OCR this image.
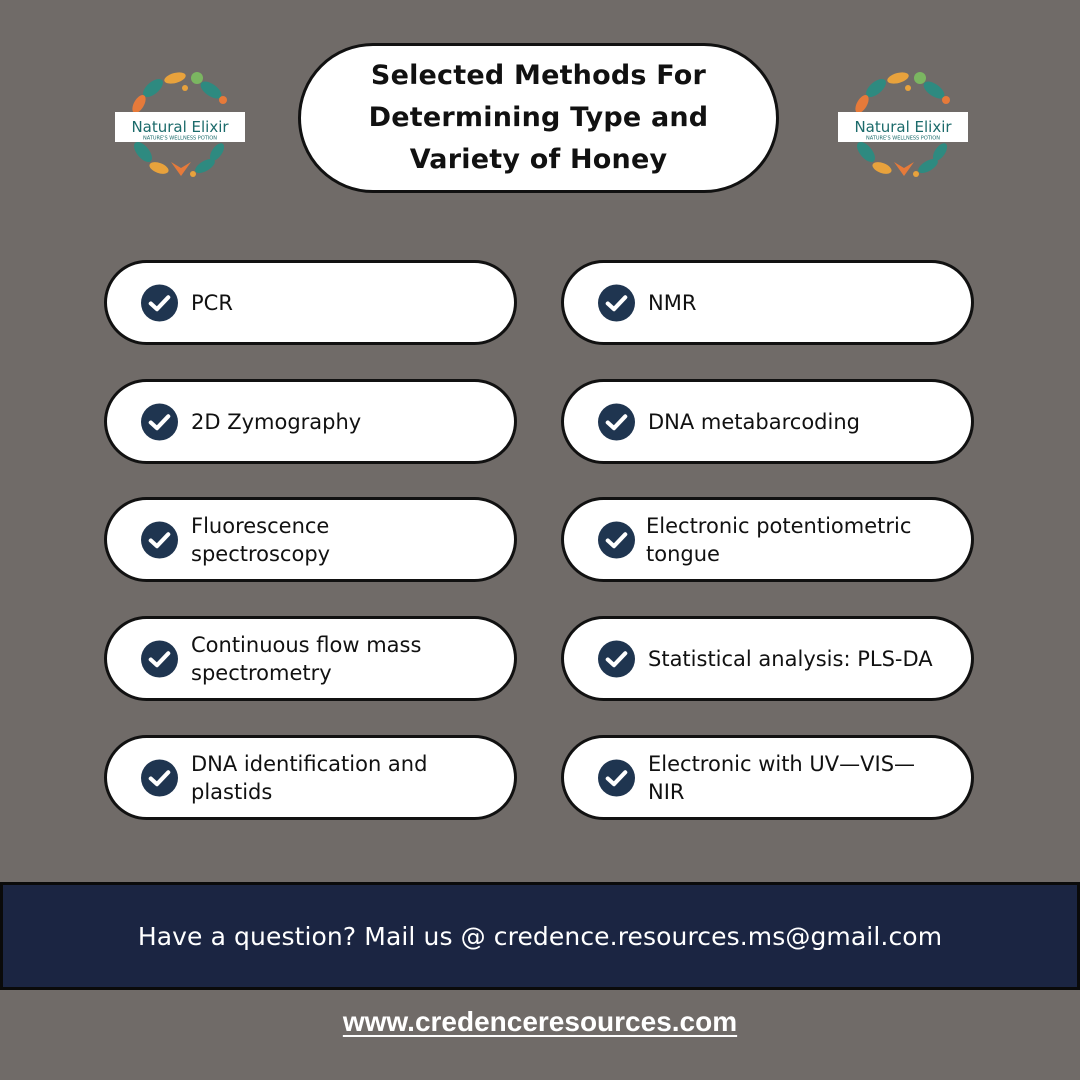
Natural Elixir
NATURE'S WELLNESS POTION
Selected Methods For Determining Type and Variety of Honey
Natural Elixir
NATURE'S WELLNESS POTION
PCR
2D Zymography
Fluorescence spectroscopy
Continuous flow mass spectrometry
DNA identification and plastids
NMR
DNA metabarcoding
Electronic potentiometric tongue
Statistical analysis: PLS-DA
Electronic with UV—VIS—NIR
Have a question? Mail us @ credence.resources.ms@gmail.com
www.credenceresources.com
